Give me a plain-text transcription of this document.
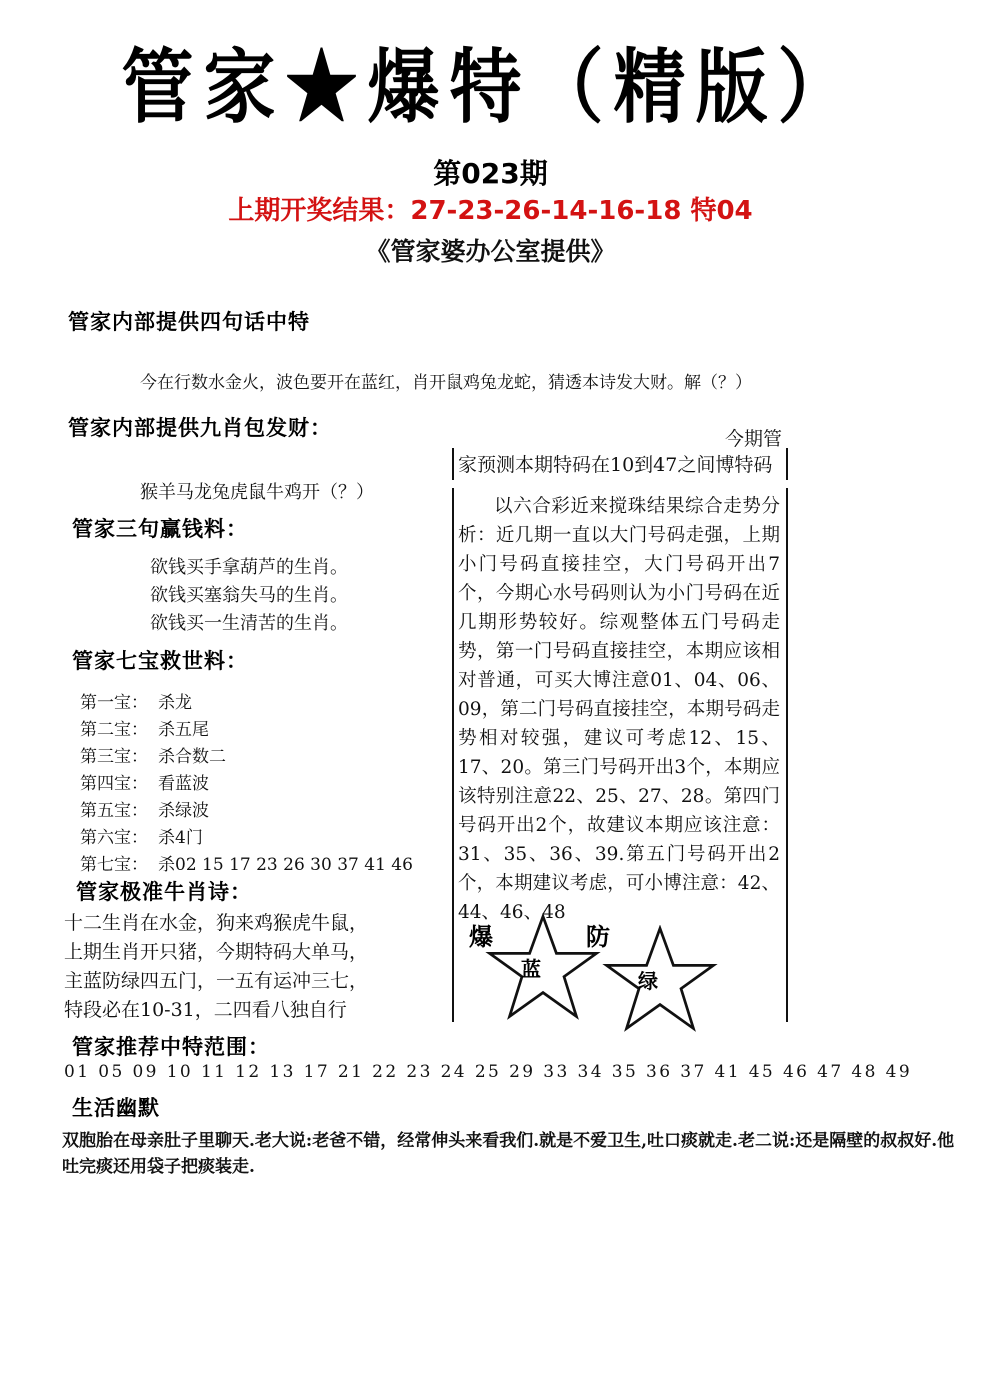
管家★爆特（精版）
第023期
上期开奖结果：27-23-26-14-16-18 特04
《管家婆办公室提供》
管家内部提供四句话中特
今在行数水金火，波色要开在蓝红，肖开鼠鸡兔龙蛇，猜透本诗发大财。解（？）
管家内部提供九肖包发财：
猴羊马龙兔虎鼠牛鸡开（？）
管家三句赢钱料：
欲钱买手拿葫芦的生肖。
欲钱买塞翁失马的生肖。
欲钱买一生清苦的生肖。
管家七宝救世料：
第一宝： 杀龙
第二宝： 杀五尾
第三宝： 杀合数二
第四宝： 看蓝波
第五宝： 杀绿波
第六宝： 杀4门
第七宝： 杀02 15 17 23 26 30 37 41 46
管家极准牛肖诗：
十二生肖在水金，狗来鸡猴虎牛鼠，
上期生肖开只猪，今期特码大单马，
主蓝防绿四五门，一五有运冲三七，
特段必在10-31，二四看八独自行
管家推荐中特范围：
01 05 09 10 11 12 13 17 21 22 23 24 25 29 33 34 35 36 37 41 45 46 47 48 49
生活幽默
双胞胎在母亲肚子里聊天.老大说:老爸不错，经常伸头来看我们.就是不爱卫生,吐口痰就走.老二说:还是隔壁的叔叔好.他吐完痰还用袋子把痰装走.
今期管
家预测本期特码在10到47之间博特码
以六合彩近来搅珠结果综合走势分析：近几期一直以大门号码走强，上期小门号码直接挂空，大门号码开出7个，今期心水号码则认为小门号码在近几期形势较好。综观整体五门号码走势，第一门号码直接挂空，本期应该相对普通，可买大博注意01、04、06、09，第二门号码直接挂空，本期号码走势相对较强，建议可考虑12、15、17、20。第三门号码开出3个，本期应该特别注意22、25、27、28。第四门号码开出2个，故建议本期应该注意：31、35、36、39.第五门号码开出2个，本期建议考虑，可小博注意：42、44、46、48
爆
蓝
防
绿
